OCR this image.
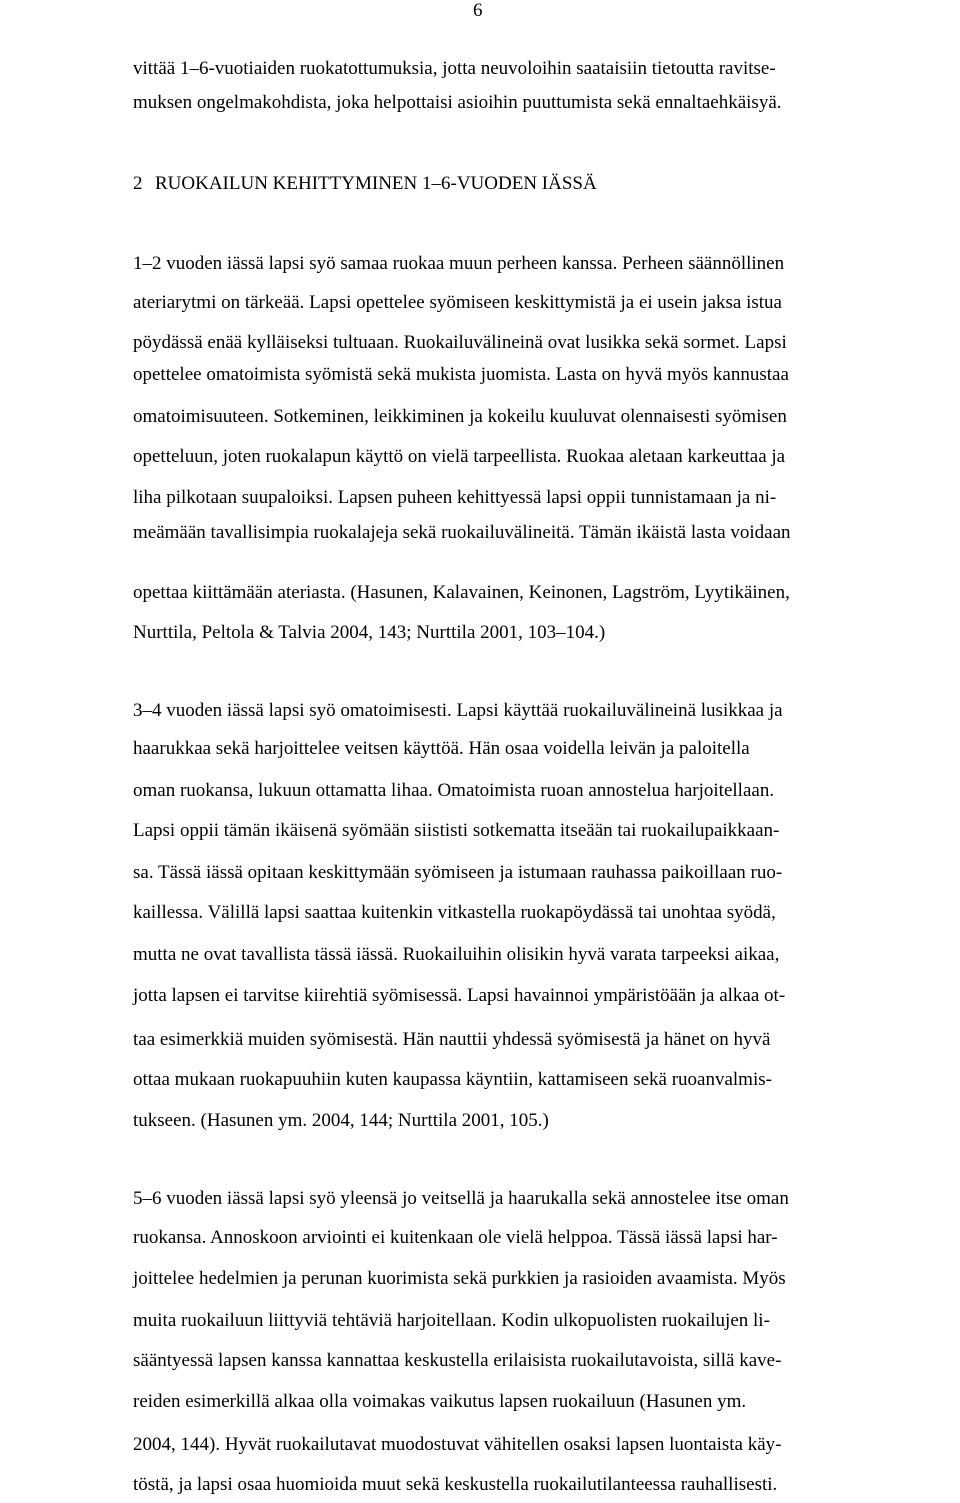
6
vittää 1–6-vuotiaiden ruokatottumuksia, jotta neuvoloihin saataisiin tietoutta ravitse-
muksen ongelmakohdista, joka helpottaisi asioihin puuttumista sekä ennaltaehkäisyä.
2 RUOKAILUN KEHITTYMINEN 1–6-VUODEN IÄSSÄ
1–2 vuoden iässä lapsi syö samaa ruokaa muun perheen kanssa. Perheen säännöllinen
ateriarytmi on tärkeää. Lapsi opettelee syömiseen keskittymistä ja ei usein jaksa istua
pöydässä enää kylläiseksi tultuaan. Ruokailuvälineinä ovat lusikka sekä sormet. Lapsi
opettelee omatoimista syömistä sekä mukista juomista. Lasta on hyvä myös kannustaa
omatoimisuuteen. Sotkeminen, leikkiminen ja kokeilu kuuluvat olennaisesti syömisen
opetteluun, joten ruokalapun käyttö on vielä tarpeellista. Ruokaa aletaan karkeuttaa ja
liha pilkotaan suupaloiksi. Lapsen puheen kehittyessä lapsi oppii tunnistamaan ja ni-
meämään tavallisimpia ruokalajeja sekä ruokailuvälineitä. Tämän ikäistä lasta voidaan
opettaa kiittämään ateriasta. (Hasunen, Kalavainen, Keinonen, Lagström, Lyytikäinen,
Nurttila, Peltola & Talvia 2004, 143; Nurttila 2001, 103–104.)
3–4 vuoden iässä lapsi syö omatoimisesti. Lapsi käyttää ruokailuvälineinä lusikkaa ja
haarukkaa sekä harjoittelee veitsen käyttöä. Hän osaa voidella leivän ja paloitella
oman ruokansa, lukuun ottamatta lihaa. Omatoimista ruoan annostelua harjoitellaan.
Lapsi oppii tämän ikäisenä syömään siististi sotkematta itseään tai ruokailupaikkaan-
sa. Tässä iässä opitaan keskittymään syömiseen ja istumaan rauhassa paikoillaan ruo-
kaillessa. Välillä lapsi saattaa kuitenkin vitkastella ruokapöydässä tai unohtaa syödä,
mutta ne ovat tavallista tässä iässä. Ruokailuihin olisikin hyvä varata tarpeeksi aikaa,
jotta lapsen ei tarvitse kiirehtiä syömisessä. Lapsi havainnoi ympäristöään ja alkaa ot-
taa esimerkkiä muiden syömisestä. Hän nauttii yhdessä syömisestä ja hänet on hyvä
ottaa mukaan ruokapuuhiin kuten kaupassa käyntiin, kattamiseen sekä ruoanvalmis-
tukseen. (Hasunen ym. 2004, 144; Nurttila 2001, 105.)
5–6 vuoden iässä lapsi syö yleensä jo veitsellä ja haarukalla sekä annostelee itse oman
ruokansa. Annoskoon arviointi ei kuitenkaan ole vielä helppoa. Tässä iässä lapsi har-
joittelee hedelmien ja perunan kuorimista sekä purkkien ja rasioiden avaamista. Myös
muita ruokailuun liittyviä tehtäviä harjoitellaan. Kodin ulkopuolisten ruokailujen li-
sääntyessä lapsen kanssa kannattaa keskustella erilaisista ruokailutavoista, sillä kave-
reiden esimerkillä alkaa olla voimakas vaikutus lapsen ruokailuun (Hasunen ym.
2004, 144). Hyvät ruokailutavat muodostuvat vähitellen osaksi lapsen luontaista käy-
töstä, ja lapsi osaa huomioida muut sekä keskustella ruokailutilanteessa rauhallisesti.
